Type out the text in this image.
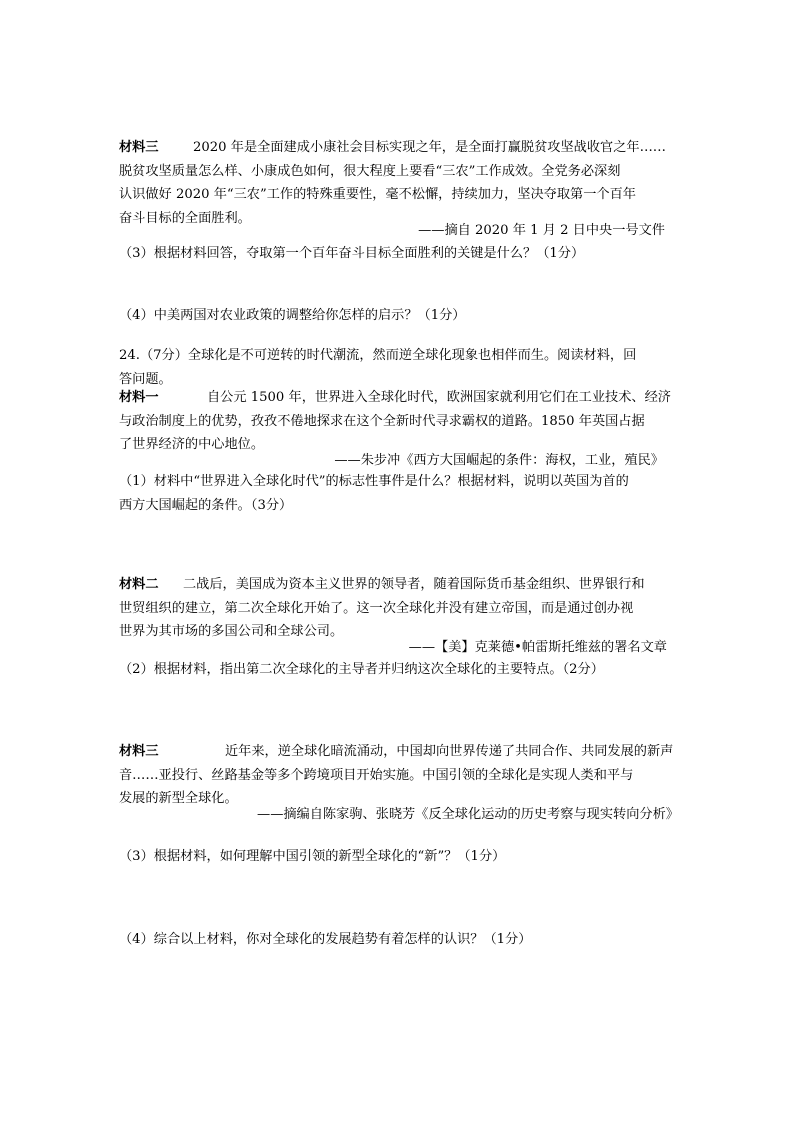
材料三	2020 年是全面建成小康社会目标实现之年，是全面打赢脱贫攻坚战收官之年……
脱贫攻坚质量怎么样、小康成色如何，很大程度上要看“三农”工作成效。全党务必深刻
认识做好 2020 年“三农”工作的特殊重要性，毫不松懈，持续加力，坚决夺取第一个百年
奋斗目标的全面胜利。
——摘自 2020 年 1 月 2 日中央一号文件
（3）根据材料回答，夺取第一个百年奋斗目标全面胜利的关键是什么？（1分）
（4）中美两国对农业政策的调整给你怎样的启示？（1分）
24.（7分）全球化是不可逆转的时代潮流，然而逆全球化现象也相伴而生。阅读材料，回
答问题。
材料一	自公元 1500 年，世界进入全球化时代，欧洲国家就利用它们在工业技术、经济
与政治制度上的优势，孜孜不倦地探求在这个全新时代寻求霸权的道路。1850 年英国占据
了世界经济的中心地位。
——朱步冲《西方大国崛起的条件：海权，工业，殖民》
（1）材料中“世界进入全球化时代”的标志性事件是什么？根据材料，说明以英国为首的
西方大国崛起的条件。（3分）
材料二 二战后，美国成为资本主义世界的领导者，随着国际货币基金组织、世界银行和
世贸组织的建立，第二次全球化开始了。这一次全球化并没有建立帝国，而是通过创办视
世界为其市场的多国公司和全球公司。
——【美】克莱德•帕雷斯托维兹的署名文章
（2）根据材料，指出第二次全球化的主导者并归纳这次全球化的主要特点。（2分）
材料三	近年来，逆全球化暗流涌动，中国却向世界传递了共同合作、共同发展的新声
音……亚投行、丝路基金等多个跨境项目开始实施。中国引领的全球化是实现人类和平与
发展的新型全球化。
——摘编自陈家驹、张晓芳《反全球化运动的历史考察与现实转向分析》
（3）根据材料，如何理解中国引领的新型全球化的“新”？（1分）
（4）综合以上材料，你对全球化的发展趋势有着怎样的认识？（1分）
